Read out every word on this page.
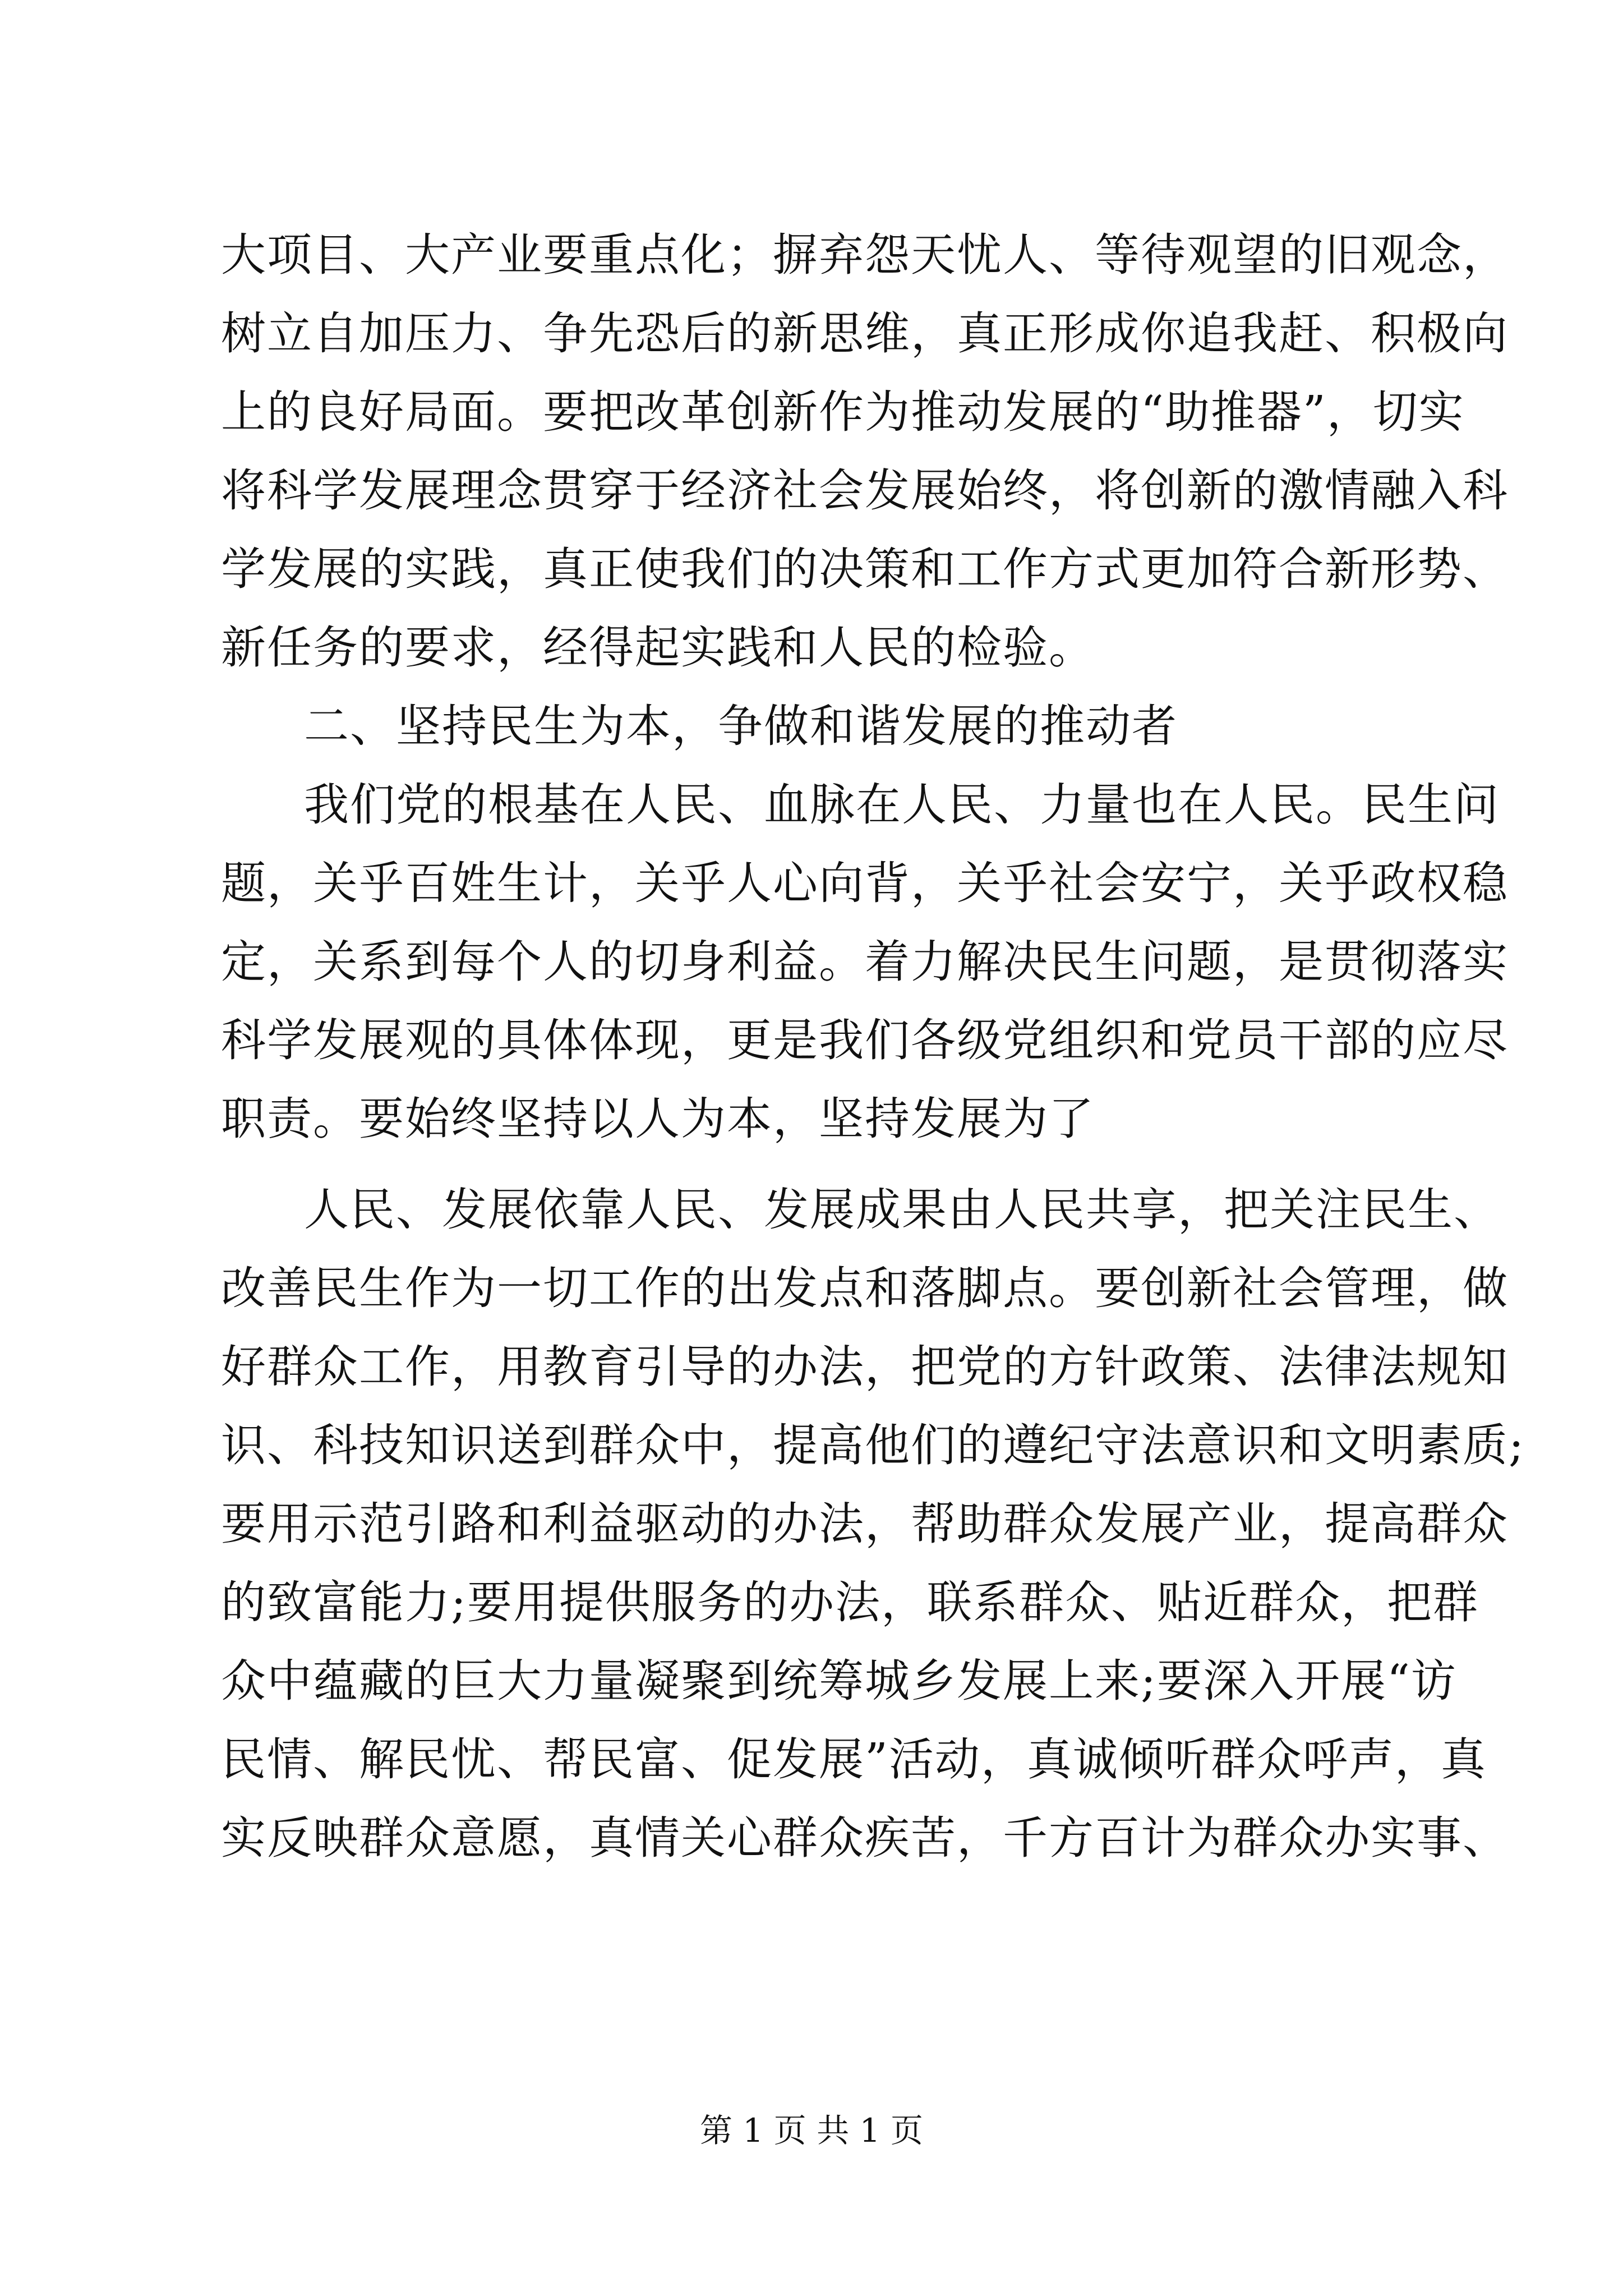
大项目、大产业要重点化；摒弃怨天忧人、等待观望的旧观念，
树立自加压力、争先恐后的新思维，真正形成你追我赶、积极向
上的良好局面。要把改革创新作为推动发展的“助推器”，切实
将科学发展理念贯穿于经济社会发展始终，将创新的激情融入科
学发展的实践，真正使我们的决策和工作方式更加符合新形势、
新任务的要求，经得起实践和人民的检验。
二、坚持民生为本，争做和谐发展的推动者
我们党的根基在人民、血脉在人民、力量也在人民。民生问
题，关乎百姓生计，关乎人心向背，关乎社会安宁，关乎政权稳
定，关系到每个人的切身利益。着力解决民生问题，是贯彻落实
科学发展观的具体体现，更是我们各级党组织和党员干部的应尽
职责。要始终坚持以人为本，坚持发展为了
人民、发展依靠人民、发展成果由人民共享，把关注民生、
改善民生作为一切工作的出发点和落脚点。要创新社会管理，做
好群众工作，用教育引导的办法，把党的方针政策、法律法规知
识、科技知识送到群众中，提高他们的遵纪守法意识和文明素质;
要用示范引路和利益驱动的办法，帮助群众发展产业，提高群众
的致富能力;要用提供服务的办法，联系群众、贴近群众，把群
众中蕴藏的巨大力量凝聚到统筹城乡发展上来;要深入开展“访
民情、解民忧、帮民富、促发展”活动，真诚倾听群众呼声，真
实反映群众意愿，真情关心群众疾苦，千方百计为群众办实事、
第 1 页 共 1 页
